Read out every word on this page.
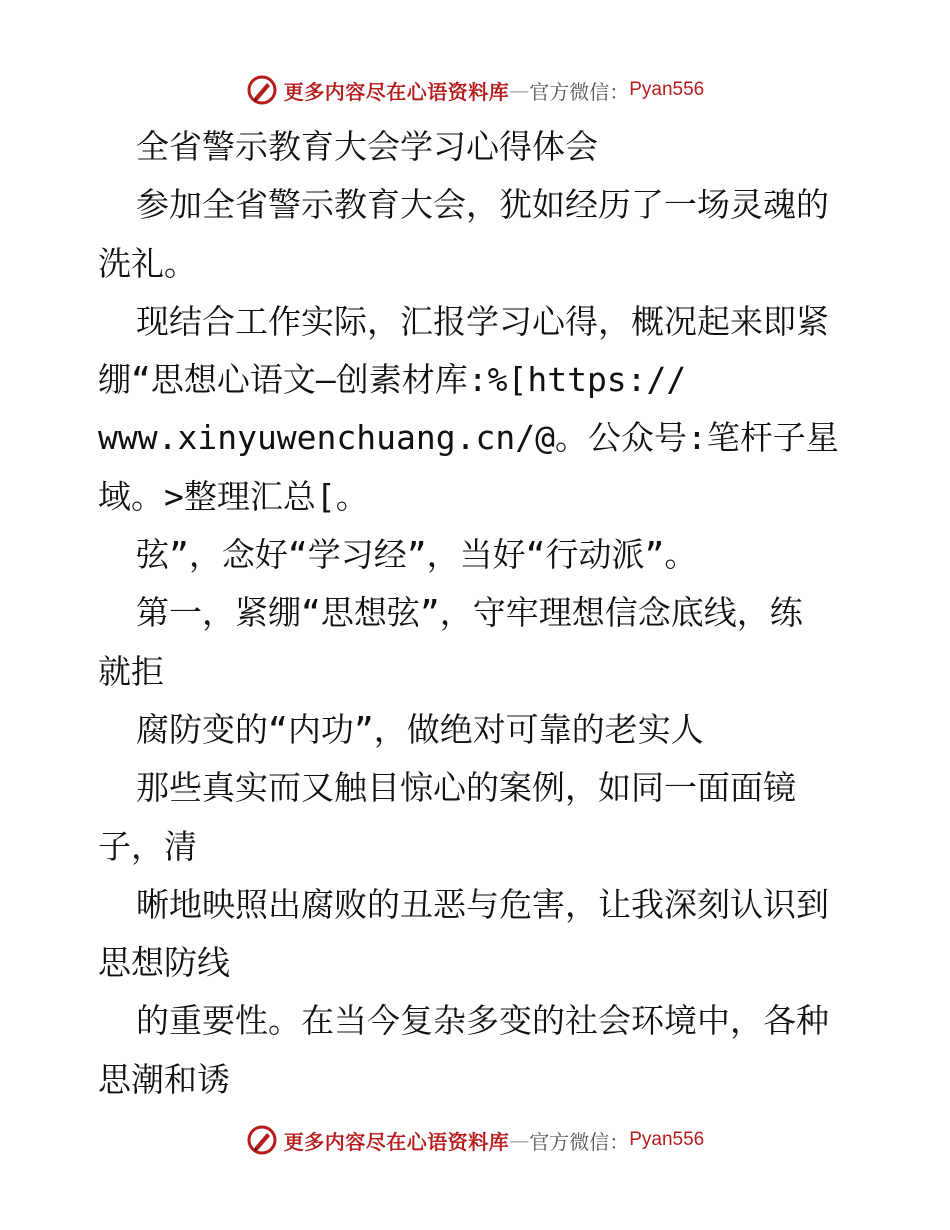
更多内容尽在心语资料库 — 官方微信： Pyan556
全省警示教育大会学习心得体会
参加全省警示教育大会，犹如经历了一场灵魂的
洗礼。
现结合工作实际，汇报学习心得，概况起来即紧
绷“思想心语文—创素材库:%[https://
www.xinyuwenchuang.cn/@。公众号:笔杆子星
域。>整理汇总[。
弦”，念好“学习经”，当好“行动派”。
第一，紧绷“思想弦”，守牢理想信念底线，练
就拒
腐防变的“内功”，做绝对可靠的老实人
那些真实而又触目惊心的案例，如同一面面镜
子，清
晰地映照出腐败的丑恶与危害，让我深刻认识到
思想防线
的重要性。在当今复杂多变的社会环境中，各种
思潮和诱
更多内容尽在心语资料库 — 官方微信： Pyan556
